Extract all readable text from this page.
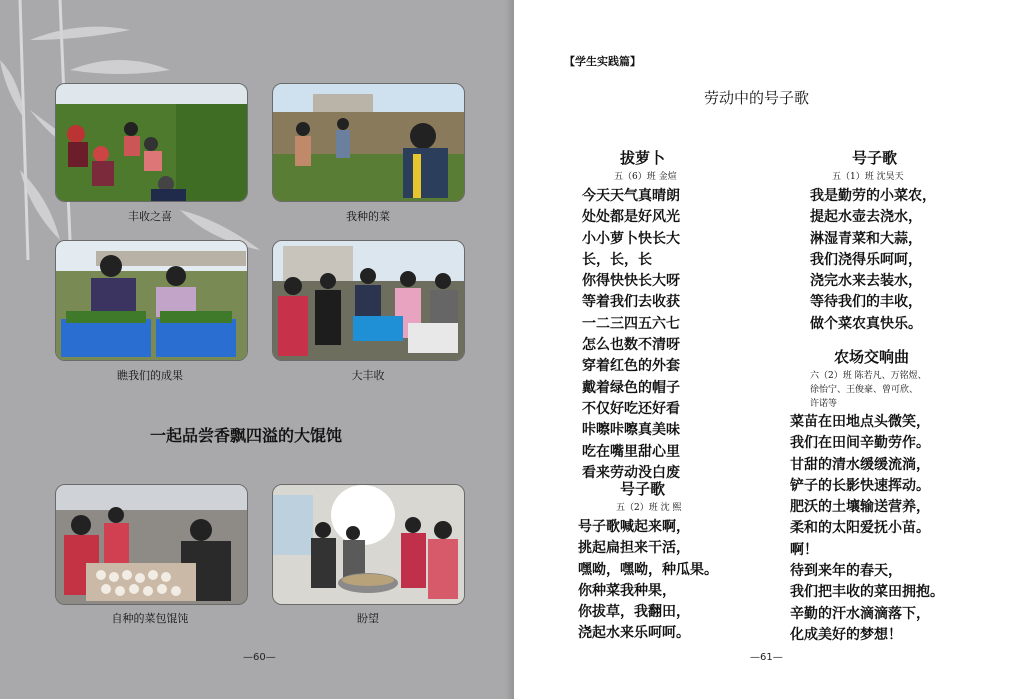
丰收之喜	我种的菜
瞧我们的成果	大丰收
一起品尝香飘四溢的大馄饨
自种的菜包馄饨	盼望
—60—
【学生实践篇】
劳动中的号子歌
拔萝卜
五（6）班 金煊
今天天气真晴朗
处处都是好风光
小小萝卜快长大
长，长，长
你得快快长大呀
等着我们去收获
一二三四五六七
怎么也数不清呀
穿着红色的外套
戴着绿色的帽子
不仅好吃还好看
咔嚓咔嚓真美味
吃在嘴里甜心里
看来劳动没白废
号子歌
五（2）班 沈 熙
号子歌喊起来啊，
挑起扁担来干活，
嘿呦，嘿呦，种瓜果。
你种菜我种果，
你拔草，我翻田，
浇起水来乐呵呵。
号子歌
五（1）班 沈昊天
我是勤劳的小菜农，
提起水壶去浇水，
淋湿青菜和大蒜，
我们浇得乐呵呵，
浇完水来去装水，
等待我们的丰收，
做个菜农真快乐。
农场交响曲
六（2）班 陈若凡、万铭煜、
徐怡宁、王俊豪、曾可欣、
许诺等
菜苗在田地点头微笑，
我们在田间辛勤劳作。
甘甜的清水缓缓流淌，
铲子的长影快速挥动。
肥沃的土壤输送营养，
柔和的太阳爱抚小苗。
啊！
待到来年的春天，
我们把丰收的菜田拥抱。
辛勤的汗水滴滴落下，
化成美好的梦想！
—61—
